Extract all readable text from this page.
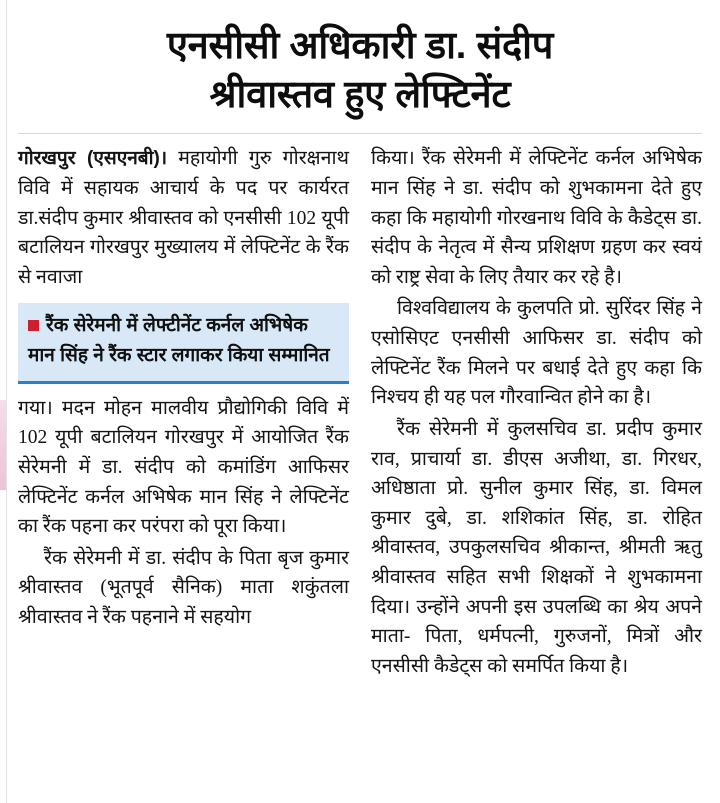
एनसीसी अधिकारी डा. संदीप
श्रीवास्तव हुए लेफ्टिनेंट

गोरखपुर (एसएनबी)। महायोगी गुरु गोरक्षनाथ विवि में सहायक आचार्य के पद पर कार्यरत डा.संदीप कुमार श्रीवास्तव को एनसीसी 102 यूपी बटालियन गोरखपुर मुख्यालय में लेफ्टिनेंट के रैंक से नवाजा

रैंक सेरेमनी में लेफ्टीनेंट कर्नल अभिषेक मान सिंह ने रैंक स्टार लगाकर किया सम्मानित

गया। मदन मोहन मालवीय प्रौद्योगिकी विवि में 102 यूपी बटालियन गोरखपुर में आयोजित रैंक सेरेमनी में डा. संदीप को कमांडिंग आफिसर लेफ्टिनेंट कर्नल अभिषेक मान सिंह ने लेफ्टिनेंट का रैंक पहना कर परंपरा को पूरा किया।

रैंक सेरेमनी में डा. संदीप के पिता बृज कुमार श्रीवास्तव (भूतपूर्व सैनिक) माता शकुंतला श्रीवास्तव ने रैंक पहनाने में सहयोग

किया। रैंक सेरेमनी में लेफ्टिनेंट कर्नल अभिषेक मान सिंह ने डा. संदीप को शुभकामना देते हुए कहा कि महायोगी गोरखनाथ विवि के कैडेट्स डा. संदीप के नेतृत्व में सैन्य प्रशिक्षण ग्रहण कर स्वयं को राष्ट्र सेवा के लिए तैयार कर रहे है।

विश्वविद्यालय के कुलपति प्रो. सुरिंदर सिंह ने एसोसिएट एनसीसी आफिसर डा. संदीप को लेफ्टिनेंट रैंक मिलने पर बधाई देते हुए कहा कि निश्चय ही यह पल गौरवान्वित होने का है।

रैंक सेरेमनी में कुलसचिव डा. प्रदीप कुमार राव, प्राचार्या डा. डीएस अजीथा, डा. गिरधर, अधिष्ठाता प्रो. सुनील कुमार सिंह, डा. विमल कुमार दुबे, डा. शशिकांत सिंह, डा. रोहित श्रीवास्तव, उपकुलसचिव श्रीकान्त, श्रीमती ऋतु श्रीवास्तव सहित सभी शिक्षकों ने शुभकामना दिया। उन्होंने अपनी इस उपलब्धि का श्रेय अपने माता- पिता, धर्मपत्नी, गुरुजनों, मित्रों और एनसीसी कैडेट्स को समर्पित किया है।
